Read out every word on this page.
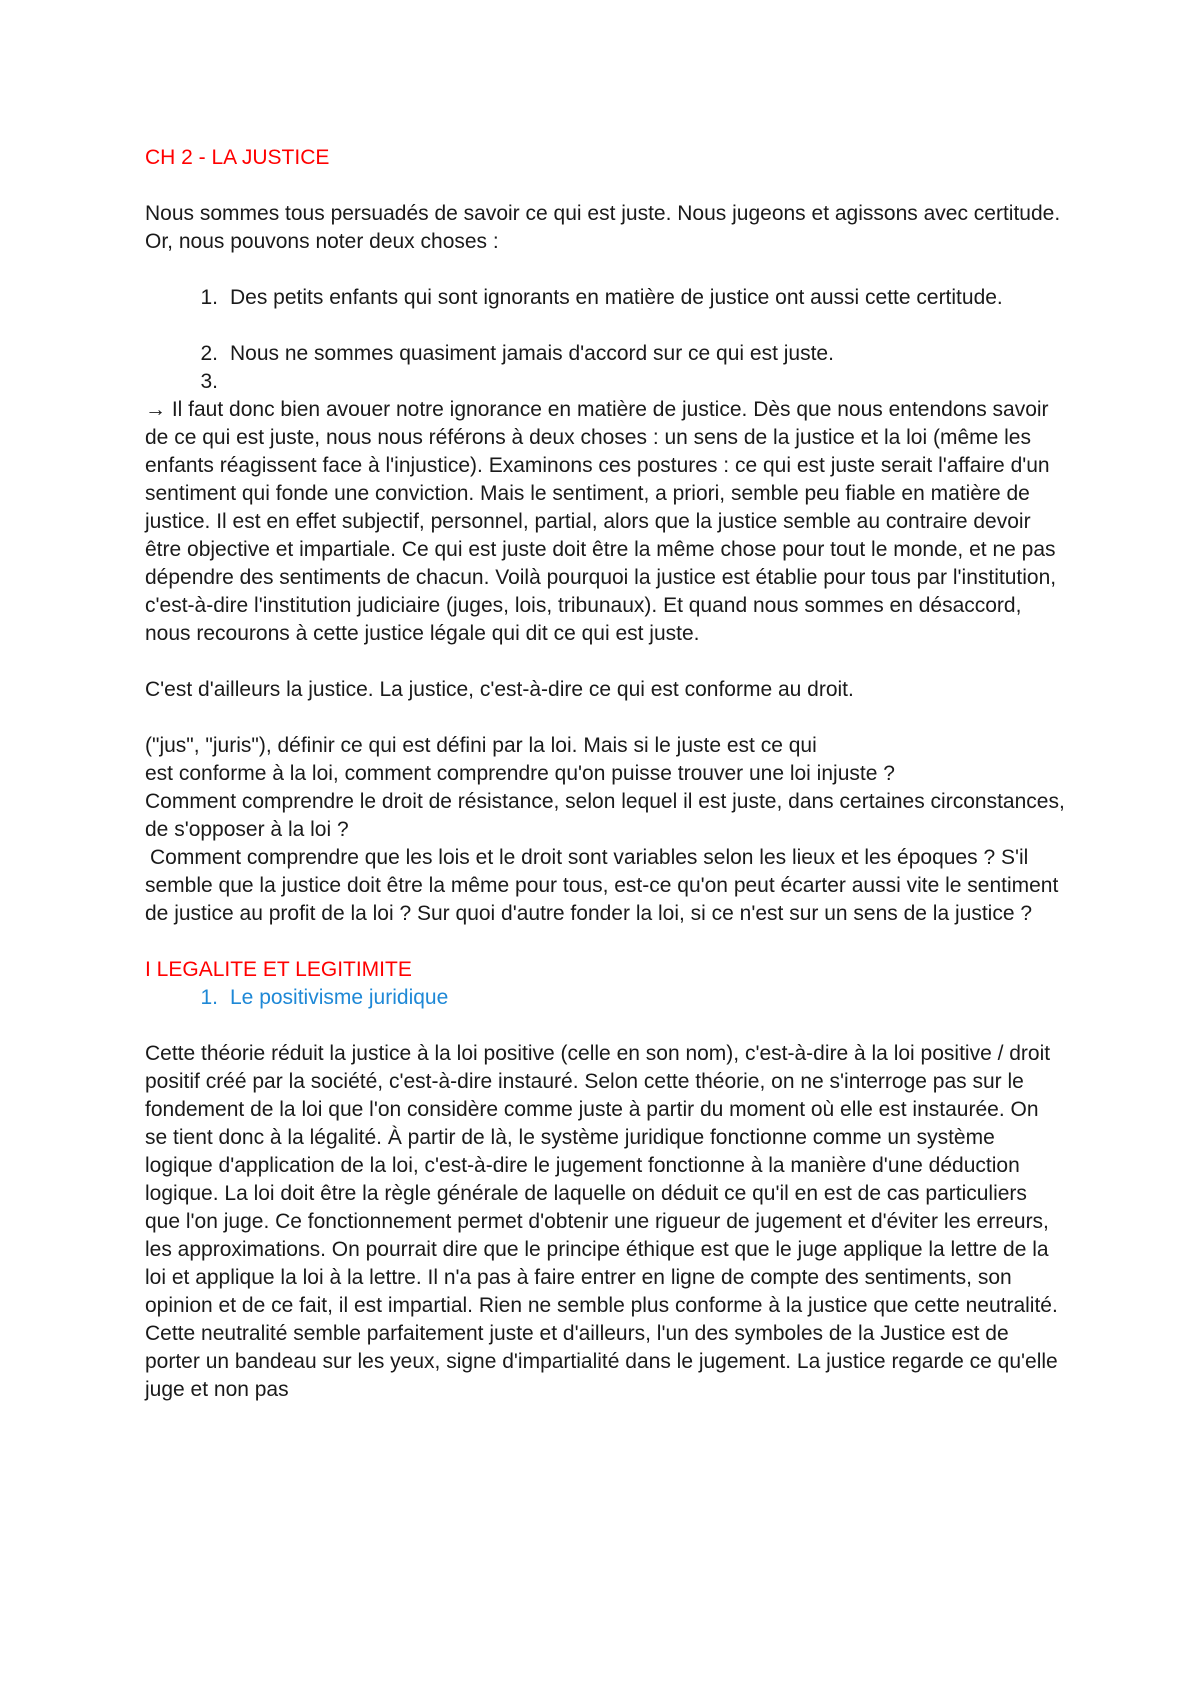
CH 2 - LA JUSTICE

Nous sommes tous persuadés de savoir ce qui est juste. Nous jugeons et agissons avec certitude. Or, nous pouvons noter deux choses :

1. Des petits enfants qui sont ignorants en matière de justice ont aussi cette certitude.
2. Nous ne sommes quasiment jamais d'accord sur ce qui est juste.
3.

→ Il faut donc bien avouer notre ignorance en matière de justice. Dès que nous entendons savoir de ce qui est juste, nous nous référons à deux choses : un sens de la justice et la loi (même les enfants réagissent face à l'injustice). Examinons ces postures : ce qui est juste serait l'affaire d'un sentiment qui fonde une conviction. Mais le sentiment, a priori, semble peu fiable en matière de justice. Il est en effet subjectif, personnel, partial, alors que la justice semble au contraire devoir être objective et impartiale. Ce qui est juste doit être la même chose pour tout le monde, et ne pas dépendre des sentiments de chacun. Voilà pourquoi la justice est établie pour tous par l'institution, c'est-à-dire l'institution judiciaire (juges, lois, tribunaux). Et quand nous sommes en désaccord, nous recourons à cette justice légale qui dit ce qui est juste.

C'est d'ailleurs la justice. La justice, c'est-à-dire ce qui est conforme au droit.

("jus", "juris"), définir ce qui est défini par la loi. Mais si le juste est ce qui

est conforme à la loi, comment comprendre qu'on puisse trouver une loi injuste ?

Comment comprendre le droit de résistance, selon lequel il est juste, dans certaines circonstances, de s'opposer à la loi ?

Comment comprendre que les lois et le droit sont variables selon les lieux et les époques ? S'il semble que la justice doit être la même pour tous, est-ce qu'on peut écarter aussi vite le sentiment de justice au profit de la loi ? Sur quoi d'autre fonder la loi, si ce n'est sur un sens de la justice ?

I LEGALITE ET LEGITIMITE
1. Le positivisme juridique

Cette théorie réduit la justice à la loi positive (celle en son nom), c'est-à-dire à la loi positive / droit positif créé par la société, c'est-à-dire instauré. Selon cette théorie, on ne s'interroge pas sur le fondement de la loi que l'on considère comme juste à partir du moment où elle est instaurée. On se tient donc à la légalité. À partir de là, le système juridique fonctionne comme un système logique d'application de la loi, c'est-à-dire le jugement fonctionne à la manière d'une déduction logique. La loi doit être la règle générale de laquelle on déduit ce qu'il en est de cas particuliers que l'on juge. Ce fonctionnement permet d'obtenir une rigueur de jugement et d'éviter les erreurs, les approximations. On pourrait dire que le principe éthique est que le juge applique la lettre de la loi et applique la loi à la lettre. Il n'a pas à faire entrer en ligne de compte des sentiments, son opinion et de ce fait, il est impartial. Rien ne semble plus conforme à la justice que cette neutralité. Cette neutralité semble parfaitement juste et d'ailleurs, l'un des symboles de la Justice est de porter un bandeau sur les yeux, signe d'impartialité dans le jugement. La justice regarde ce qu'elle juge et non pas
